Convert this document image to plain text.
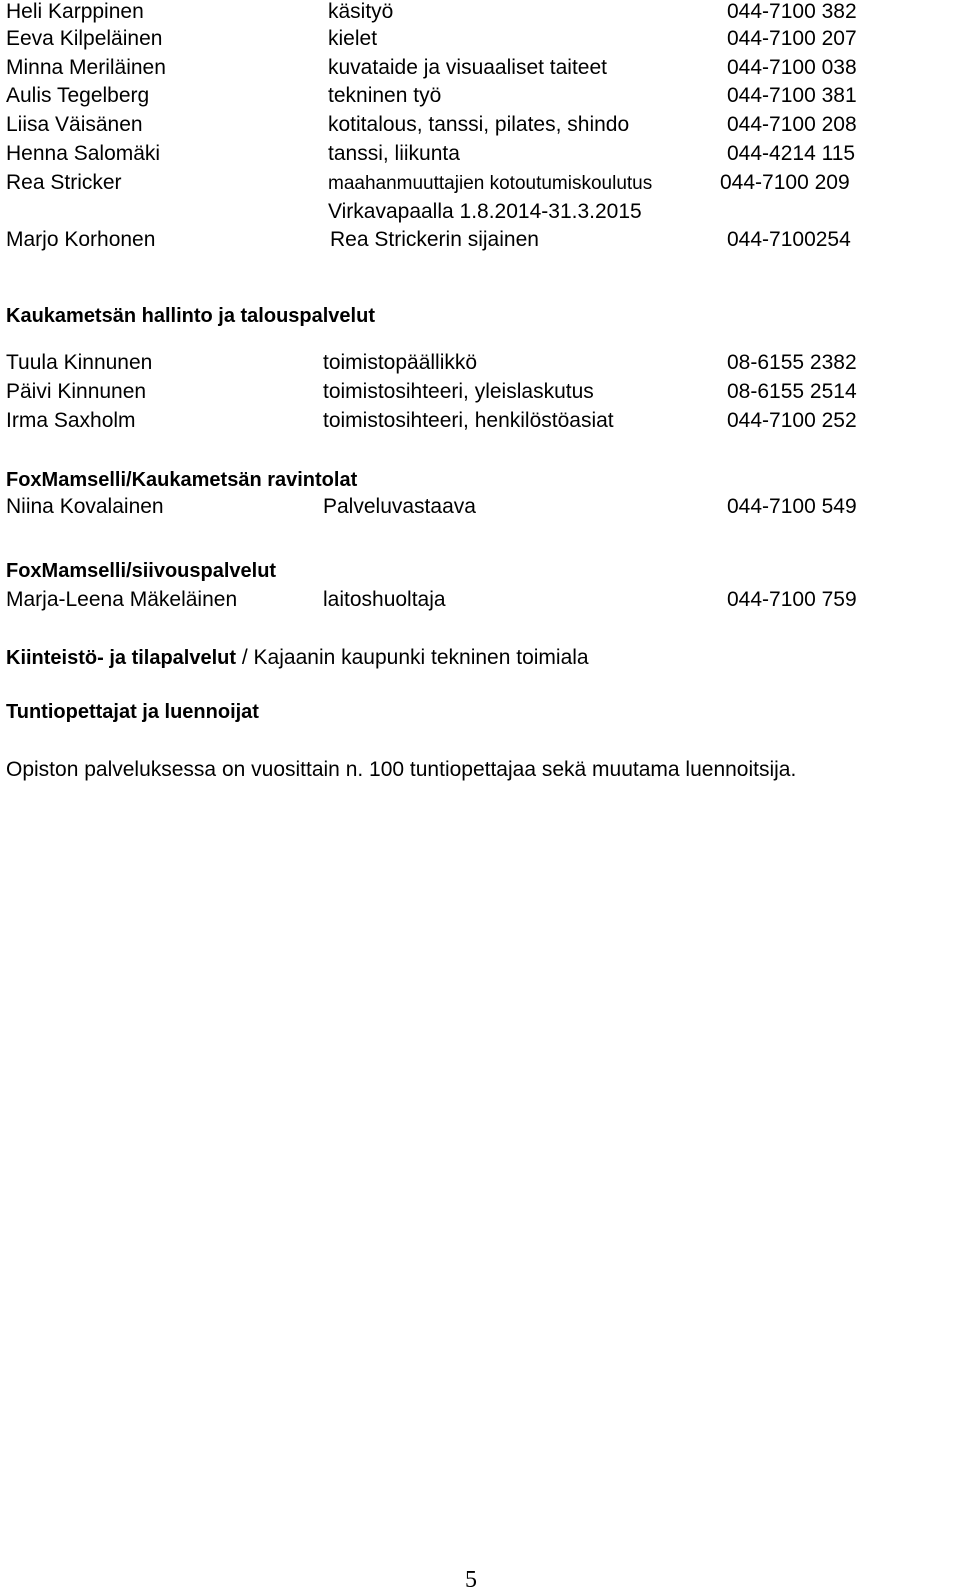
Heli Karppinen	käsityö	044-7100 382
Eeva Kilpeläinen	kielet	044-7100 207
Minna Meriläinen	kuvataide ja visuaaliset taiteet	044-7100 038
Aulis Tegelberg	tekninen työ	044-7100 381
Liisa Väisänen	kotitalous, tanssi, pilates, shindo	044-7100 208
Henna Salomäki	tanssi, liikunta	044-4214 115
Rea Stricker	maahanmuuttajien kotoutumiskoulutus	044-7100 209
Virkavapaalla 1.8.2014-31.3.2015
Marjo Korhonen	Rea Strickerin sijainen	044-7100254
Kaukametsän hallinto ja talouspalvelut
Tuula Kinnunen	toimistopäällikkö	08-6155 2382
Päivi Kinnunen	toimistosihteeri, yleislaskutus	08-6155 2514
Irma Saxholm	toimistosihteeri, henkilöstöasiat	044-7100 252
FoxMamselli/Kaukametsän ravintolat
Niina Kovalainen	Palveluvastaava	044-7100 549
FoxMamselli/siivouspalvelut
Marja-Leena Mäkeläinen	laitoshuoltaja	044-7100 759
Kiinteistö- ja tilapalvelut / Kajaanin kaupunki tekninen toimiala
Tuntiopettajat ja luennoijat
Opiston palveluksessa on vuosittain n. 100 tuntiopettajaa sekä muutama luennoitsija.
5
